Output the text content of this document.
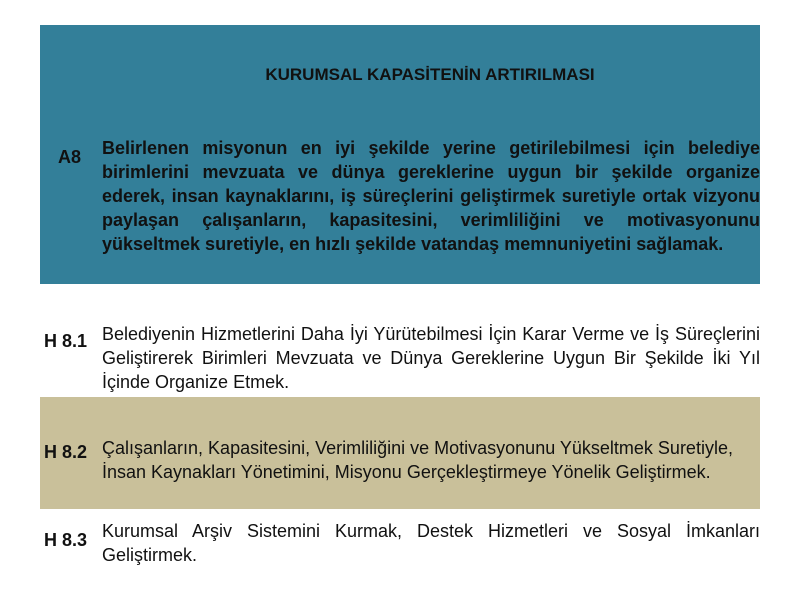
KURUMSAL KAPASİTENİN ARTIRILMASI
A8 Belirlenen misyonun en iyi şekilde yerine getirilebilmesi için belediye birimlerini mevzuata ve dünya gereklerine uygun bir şekilde organize ederek, insan kaynaklarını, iş süreçlerini geliştirmek suretiyle ortak vizyonu paylaşan çalışanların, kapasitesini, verimliliğini ve motivasyonunu yükseltmek suretiyle, en hızlı şekilde vatandaş memnuniyetini sağlamak.
H 8.1 Belediyenin Hizmetlerini Daha İyi Yürütebilmesi İçin Karar Verme ve İş Süreçlerini Geliştirerek Birimleri Mevzuata ve Dünya Gereklerine Uygun Bir Şekilde İki Yıl İçinde Organize Etmek.
H 8.2 Çalışanların, Kapasitesini, Verimliliğini ve Motivasyonunu Yükseltmek Suretiyle, İnsan Kaynakları Yönetimini, Misyonu Gerçekleştirmeye Yönelik Geliştirmek.
H 8.3 Kurumsal Arşiv Sistemini Kurmak, Destek Hizmetleri ve Sosyal İmkanları Geliştirmek.
